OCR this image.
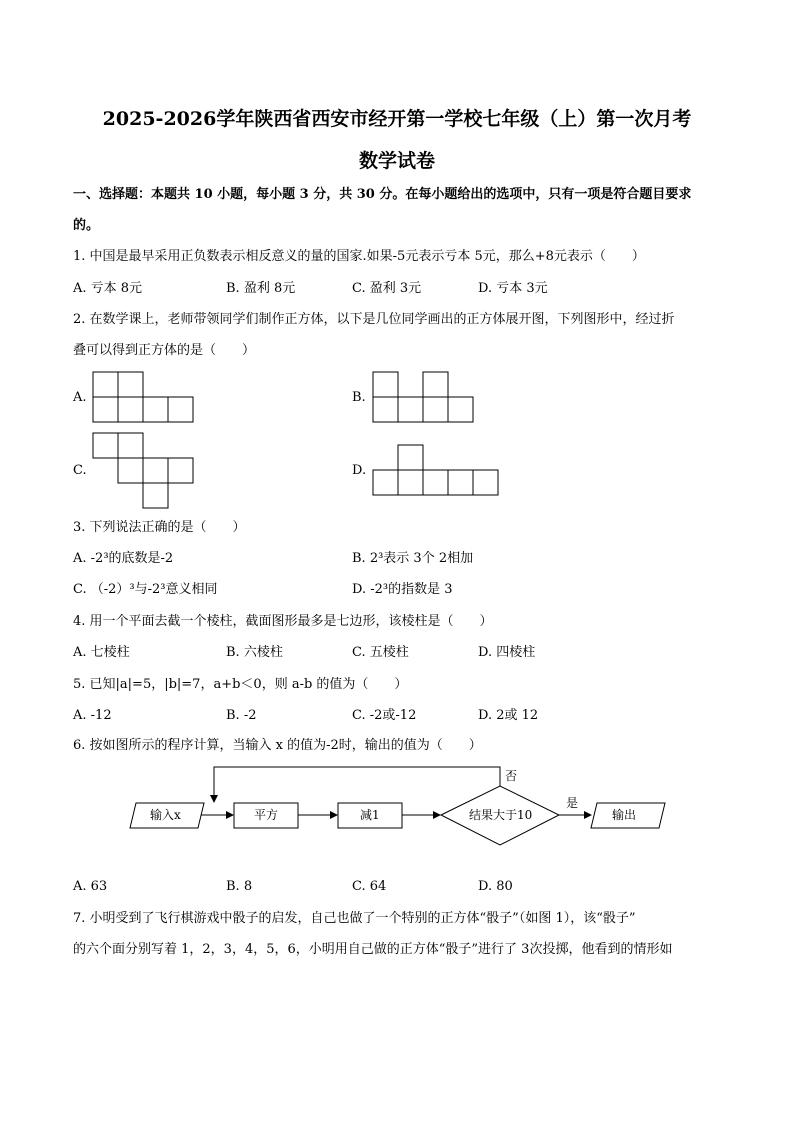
2025-2026学年陕西省西安市经开第一学校七年级（上）第一次月考
数学试卷
一、选择题：本题共 10 小题，每小题 3 分，共 30 分。在每小题给出的选项中，只有一项是符合题目要求
的。
1. 中国是最早采用正负数表示相反意义的量的国家.如果-5元表示亏本 5元，那么+8元表示（　　）
A. 亏本 8元	B. 盈利 8元	C. 盈利 3元	D. 亏本 3元
2. 在数学课上，老师带领同学们制作正方体，以下是几位同学画出的正方体展开图，下列图形中，经过折
叠可以得到正方体的是（　　）
A.	B.
C.	D.
3. 下列说法正确的是（　　）
A. -2³的底数是-2	B. 2³表示 3个 2相加
C. （-2）³与-2³意义相同	D. -2³的指数是 3
4. 用一个平面去截一个棱柱，截面图形最多是七边形，该棱柱是（　　）
A. 七棱柱	B. 六棱柱	C. 五棱柱	D. 四棱柱
5. 已知|a|=5，|b|=7，a+b＜0，则 a-b 的值为（　　）
A. -12	B. -2	C. -2或-12	D. 2或 12
6. 按如图所示的程序计算，当输入 x 的值为-2时，输出的值为（　　）
输入x	平方	减1	结果大于10
是
否
输出
A. 63	B. 8	C. 64	D. 80
7. 小明受到了飞行棋游戏中骰子的启发，自己也做了一个特别的正方体“骰子”（如图 1），该“骰子”
的六个面分别写着 1，2，3，4，5，6，小明用自己做的正方体“骰子”进行了 3次投掷，他看到的情形如
